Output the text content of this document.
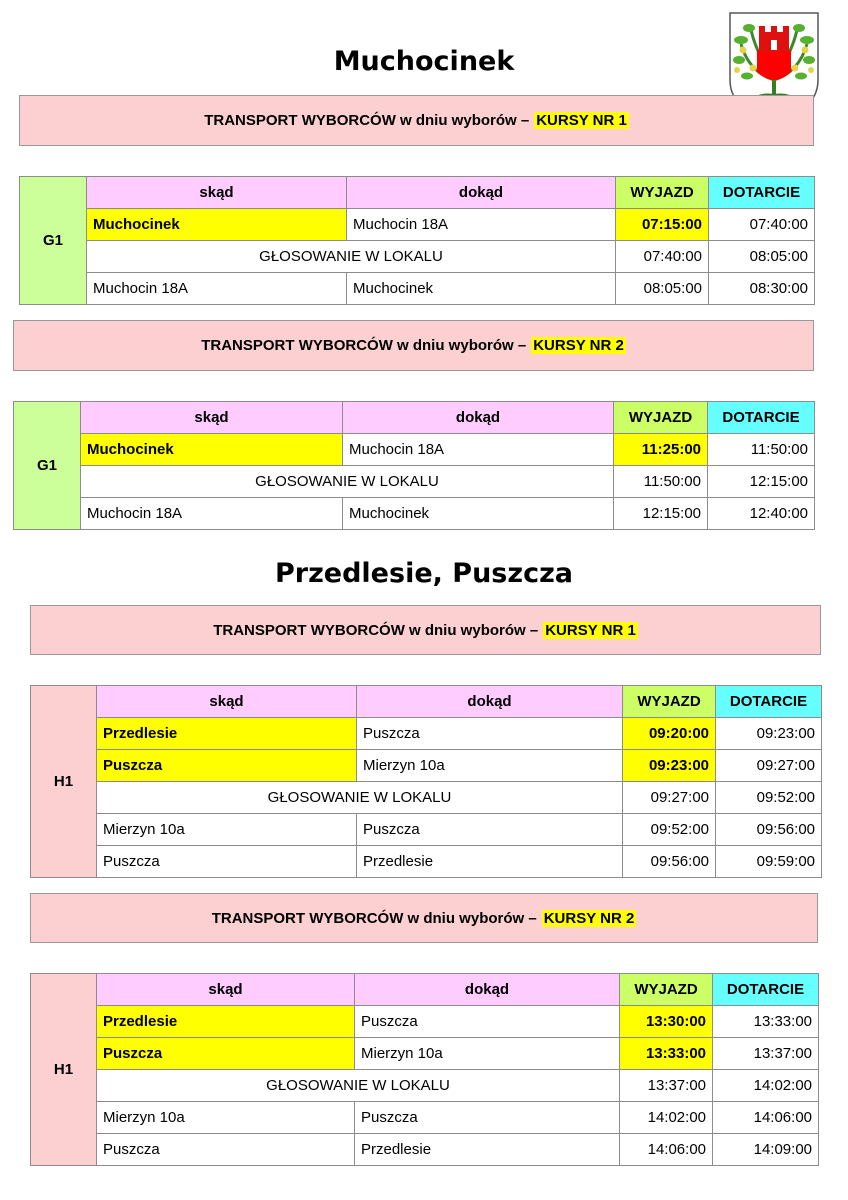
Muchocinek
TRANSPORT WYBORCÓW w dniu wyborów – KURSY NR 1
G1	skąd	dokąd	WYJAZD	DOTARCIE
	Muchocinek	Muchocin 18A	07:15:00	07:40:00
	GŁOSOWANIE W LOKALU		07:40:00	08:05:00
	Muchocin 18A	Muchocinek	08:05:00	08:30:00
TRANSPORT WYBORCÓW w dniu wyborów – KURSY NR 2
G1	skąd	dokąd	WYJAZD	DOTARCIE
	Muchocinek	Muchocin 18A	11:25:00	11:50:00
	GŁOSOWANIE W LOKALU		11:50:00	12:15:00
	Muchocin 18A	Muchocinek	12:15:00	12:40:00
Przedlesie, Puszcza
TRANSPORT WYBORCÓW w dniu wyborów – KURSY NR 1
H1	skąd	dokąd	WYJAZD	DOTARCIE
	Przedlesie	Puszcza	09:20:00	09:23:00
	Puszcza	Mierzyn 10a	09:23:00	09:27:00
	GŁOSOWANIE W LOKALU		09:27:00	09:52:00
	Mierzyn 10a	Puszcza	09:52:00	09:56:00
	Puszcza	Przedlesie	09:56:00	09:59:00
TRANSPORT WYBORCÓW w dniu wyborów – KURSY NR 2
H1	skąd	dokąd	WYJAZD	DOTARCIE
	Przedlesie	Puszcza	13:30:00	13:33:00
	Puszcza	Mierzyn 10a	13:33:00	13:37:00
	GŁOSOWANIE W LOKALU		13:37:00	14:02:00
	Mierzyn 10a	Puszcza	14:02:00	14:06:00
	Puszcza	Przedlesie	14:06:00	14:09:00
